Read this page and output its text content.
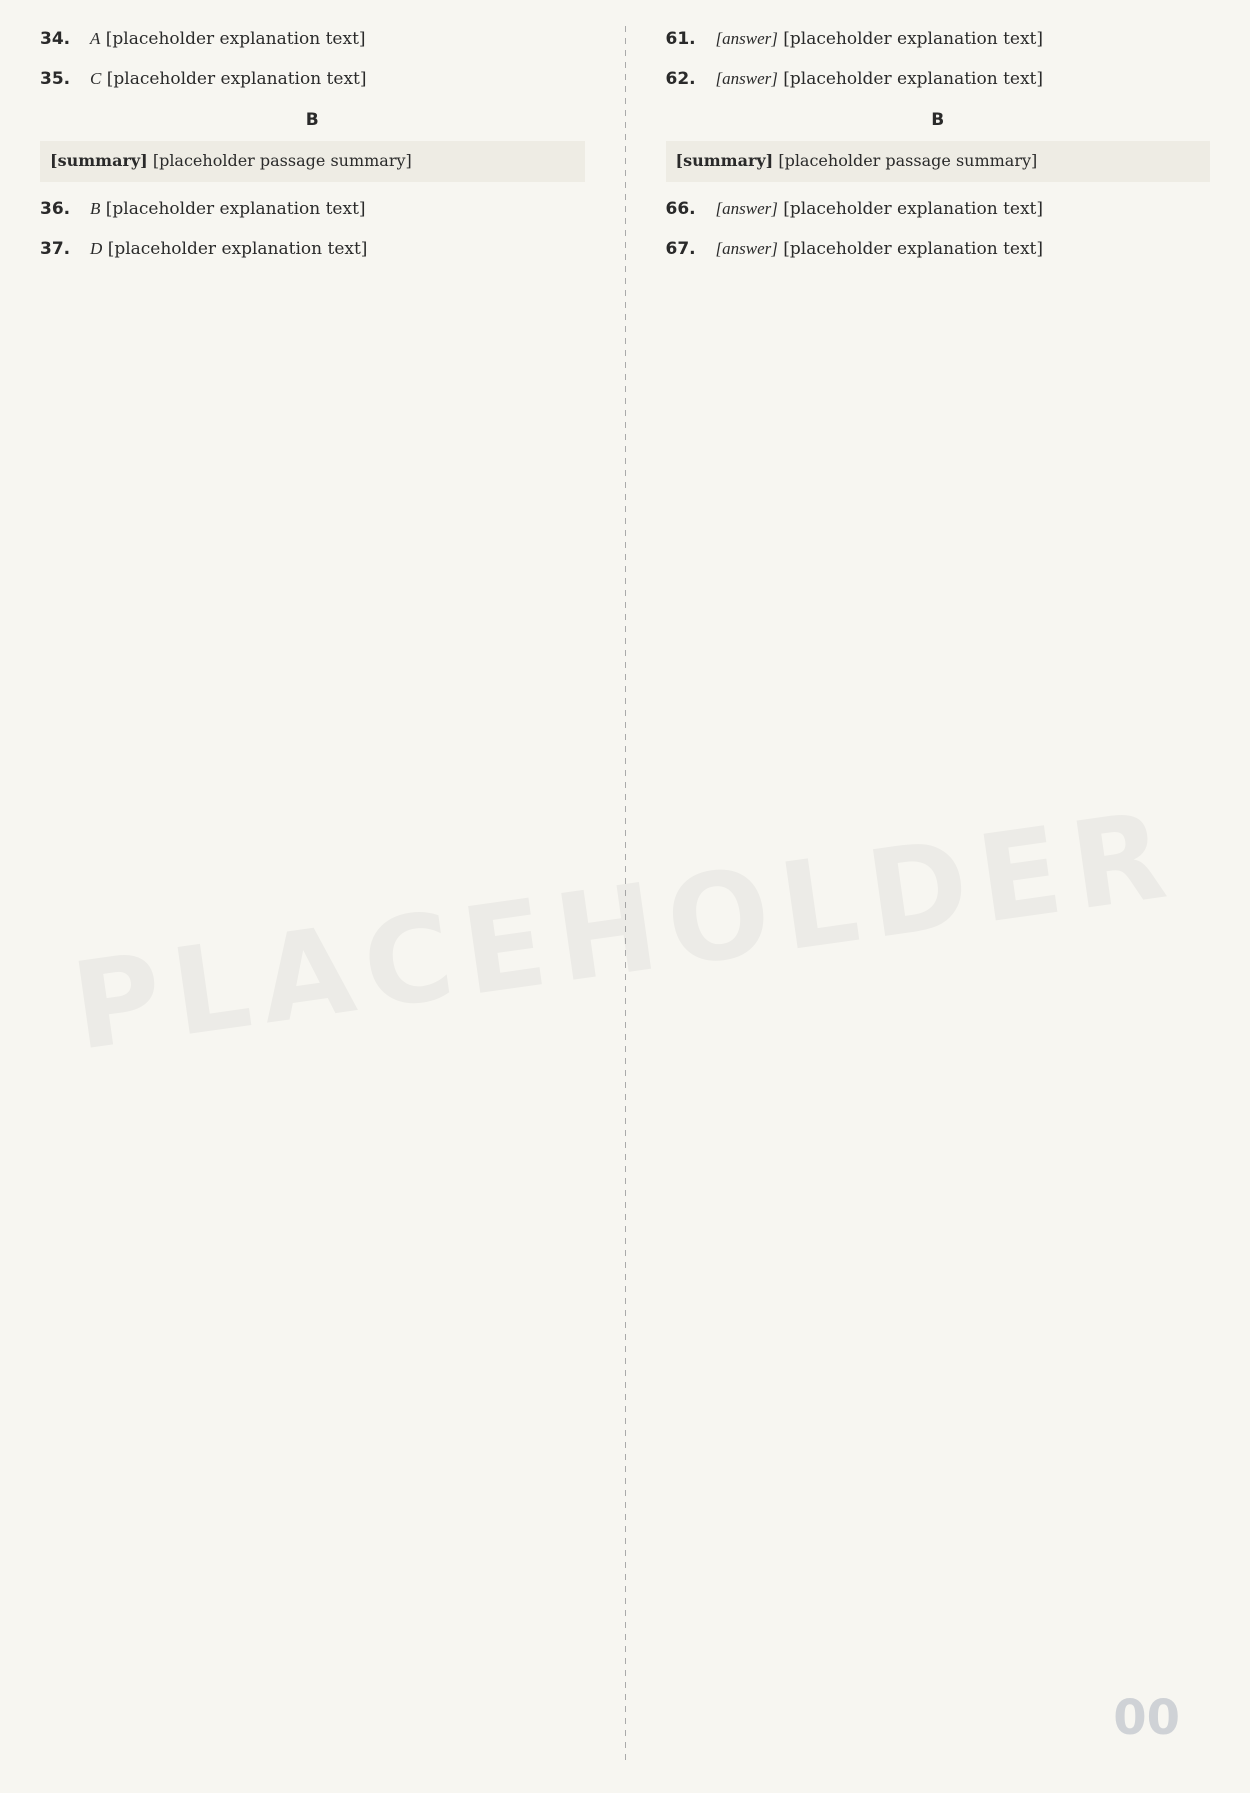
PLACEHOLDER
34.	A [placeholder explanation text]
35.	C [placeholder explanation text]
B
[summary] [placeholder passage summary]
36.	B [placeholder explanation text]
37.	D [placeholder explanation text]
61.	[answer] [placeholder explanation text]
62.	[answer] [placeholder explanation text]
B
[summary] [placeholder passage summary]
66.	[answer] [placeholder explanation text]
67.	[answer] [placeholder explanation text]
00
